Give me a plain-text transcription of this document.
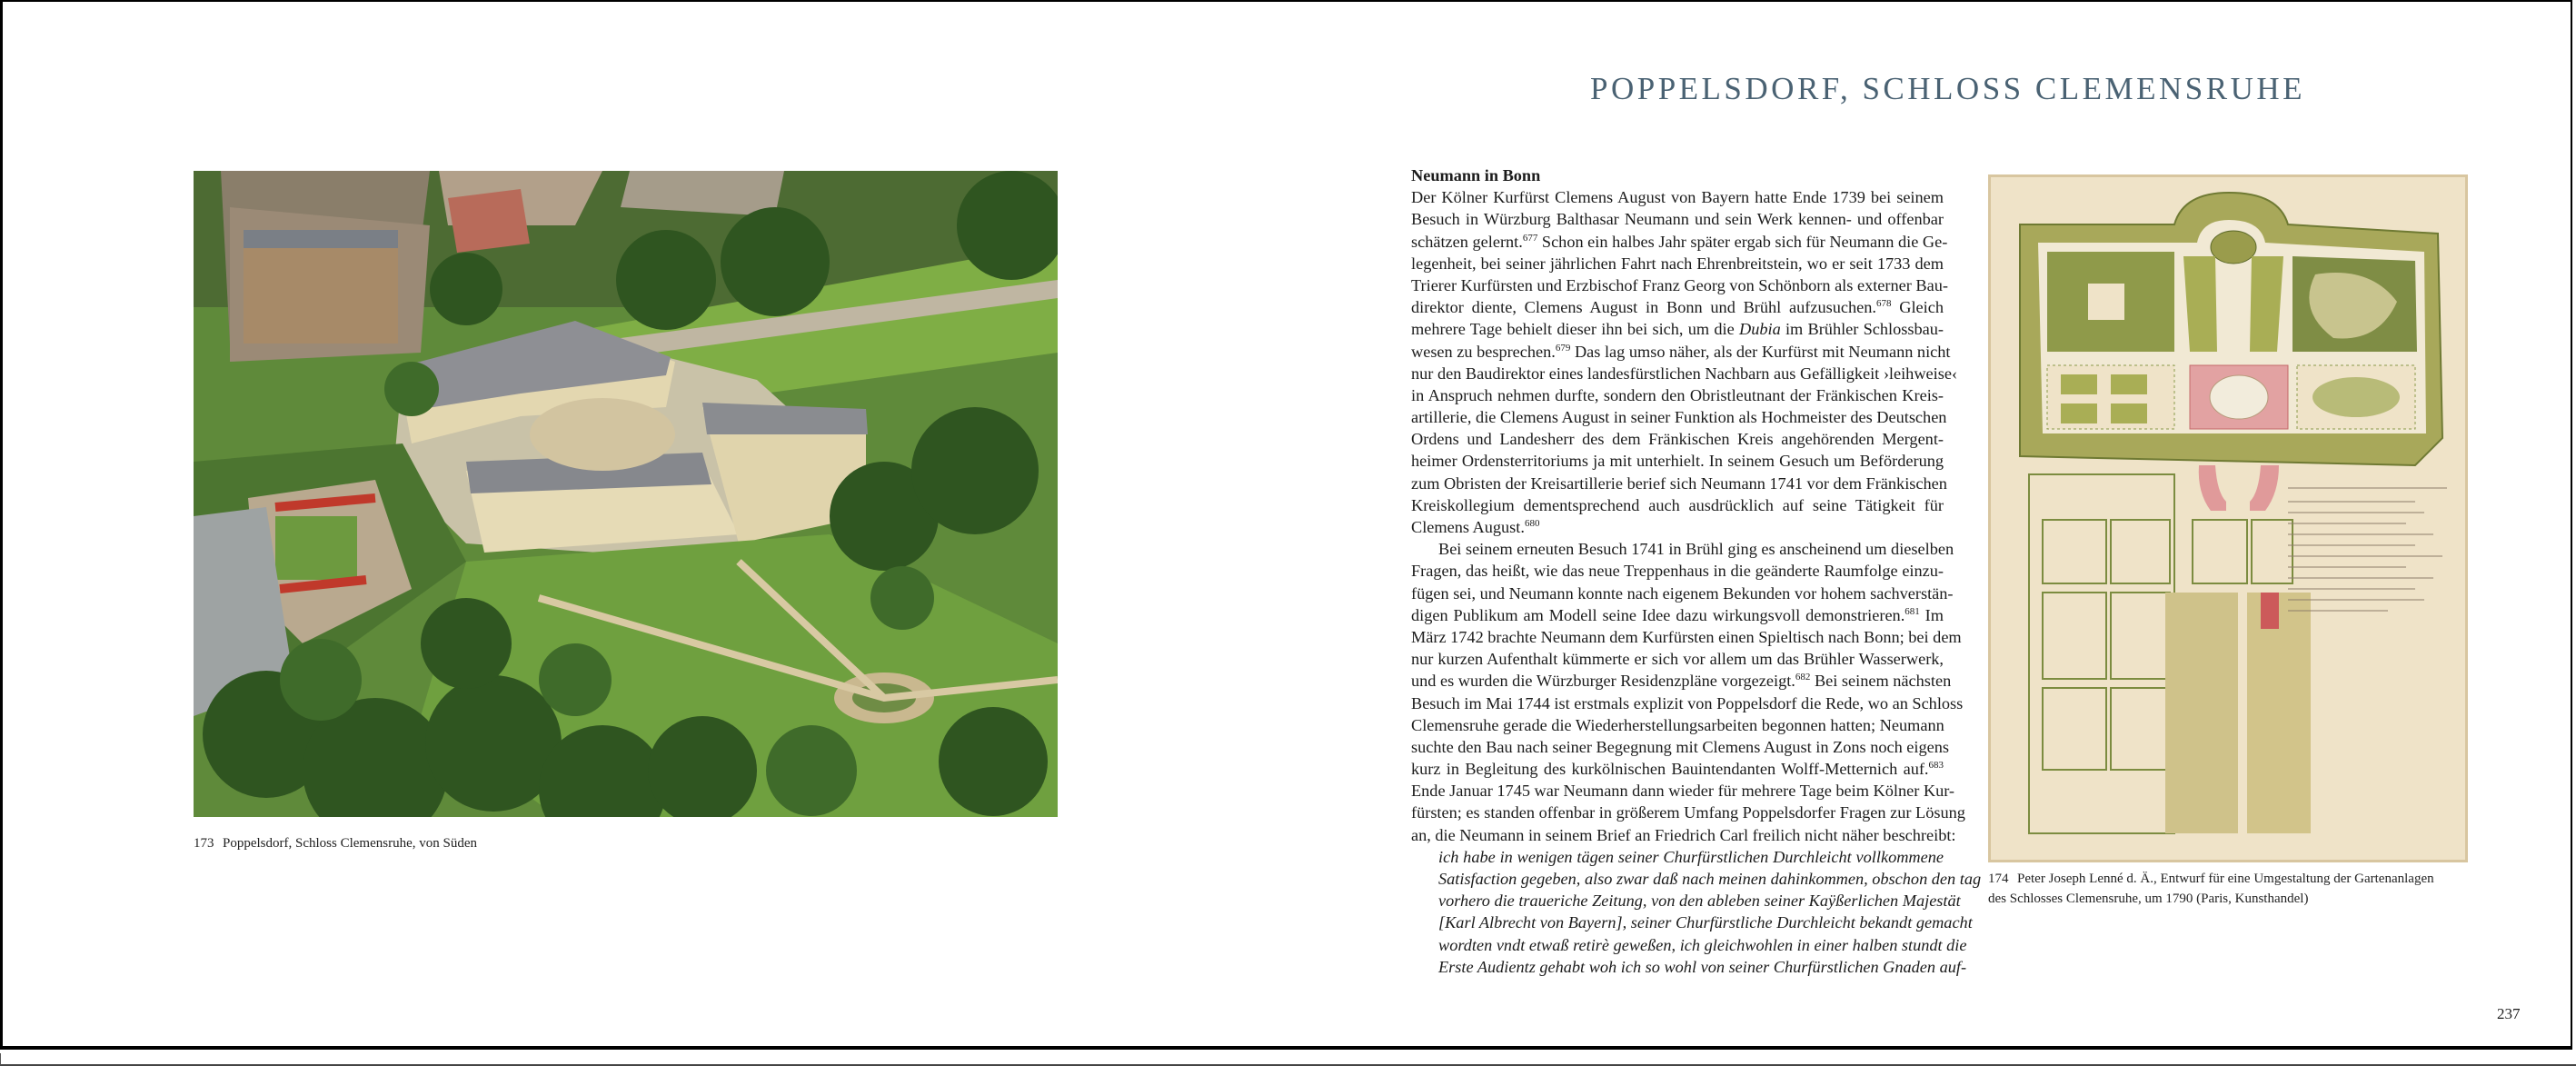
POPPELSDORF, SCHLOSS CLEMENSRUHE
173 Poppelsdorf, Schloss Clemensruhe, von Süden
Neumann in Bonn
Der Kölner Kurfürst Clemens August von Bayern hatte Ende 1739 bei seinem
Besuch in Würzburg Balthasar Neumann und sein Werk kennen- und offenbar
schätzen gelernt.$^{677}$ Schon ein halbes Jahr später ergab sich für Neumann die Ge-
legenheit, bei seiner jährlichen Fahrt nach Ehrenbreitstein, wo er seit 1733 dem
Trierer Kurfürsten und Erzbischof Franz Georg von Schönborn als externer Bau-
direktor diente, Clemens August in Bonn und Brühl aufzusuchen.$^{678}$ Gleich
mehrere Tage behielt dieser ihn bei sich, um die Dubia im Brühler Schlossbau-
wesen zu besprechen.$^{679}$ Das lag umso näher, als der Kurfürst mit Neumann nicht
nur den Baudirektor eines landesfürstlichen Nachbarn aus Gefälligkeit ›leihweise‹
in Anspruch nehmen durfte, sondern den Obristleutnant der Fränkischen Kreis-
artillerie, die Clemens August in seiner Funktion als Hochmeister des Deutschen
Ordens und Landesherr des dem Fränkischen Kreis angehörenden Mergent-
heimer Ordensterritoriums ja mit unterhielt. In seinem Gesuch um Beförderung
zum Obristen der Kreisartillerie berief sich Neumann 1741 vor dem Fränkischen
Kreiskollegium dementsprechend auch ausdrücklich auf seine Tätigkeit für
Clemens August.$^{680}$
Bei seinem erneuten Besuch 1741 in Brühl ging es anscheinend um dieselben
Fragen, das heißt, wie das neue Treppenhaus in die geänderte Raumfolge einzu-
fügen sei, und Neumann konnte nach eigenem Bekunden vor hohem sachverstän-
digen Publikum am Modell seine Idee dazu wirkungsvoll demonstrieren.$^{681}$ Im
März 1742 brachte Neumann dem Kurfürsten einen Spieltisch nach Bonn; bei dem
nur kurzen Aufenthalt kümmerte er sich vor allem um das Brühler Wasserwerk,
und es wurden die Würzburger Residenzpläne vorgezeigt.$^{682}$ Bei seinem nächsten
Besuch im Mai 1744 ist erstmals explizit von Poppelsdorf die Rede, wo an Schloss
Clemensruhe gerade die Wiederherstellungsarbeiten begonnen hatten; Neumann
suchte den Bau nach seiner Begegnung mit Clemens August in Zons noch eigens
kurz in Begleitung des kurkölnischen Bauintendanten Wolff-Metternich auf.$^{683}$
Ende Januar 1745 war Neumann dann wieder für mehrere Tage beim Kölner Kur-
fürsten; es standen offenbar in größerem Umfang Poppelsdorfer Fragen zur Lösung
an, die Neumann in seinem Brief an Friedrich Carl freilich nicht näher beschreibt:
ich habe in wenigen tägen seiner Churfürstlichen Durchleicht vollkommene
Satisfaction gegeben, also zwar daß nach meinen dahinkommen, obschon den tag
vorhero die traueriche Zeitung, von den ableben seiner Kaÿßerlichen Majestät
[Karl Albrecht von Bayern], seiner Churfürstliche Durchleicht bekandt gemacht
wordten vndt etwaß retirè geweßen, ich gleichwohlen in einer halben stundt die
Erste Audientz gehabt woh ich so wohl von seiner Churfürstlichen Gnaden auf-
174 Peter Joseph Lenné d. Ä., Entwurf für eine Umgestaltung der Gartenanlagen
des Schlosses Clemensruhe, um 1790 (Paris, Kunsthandel)
237
